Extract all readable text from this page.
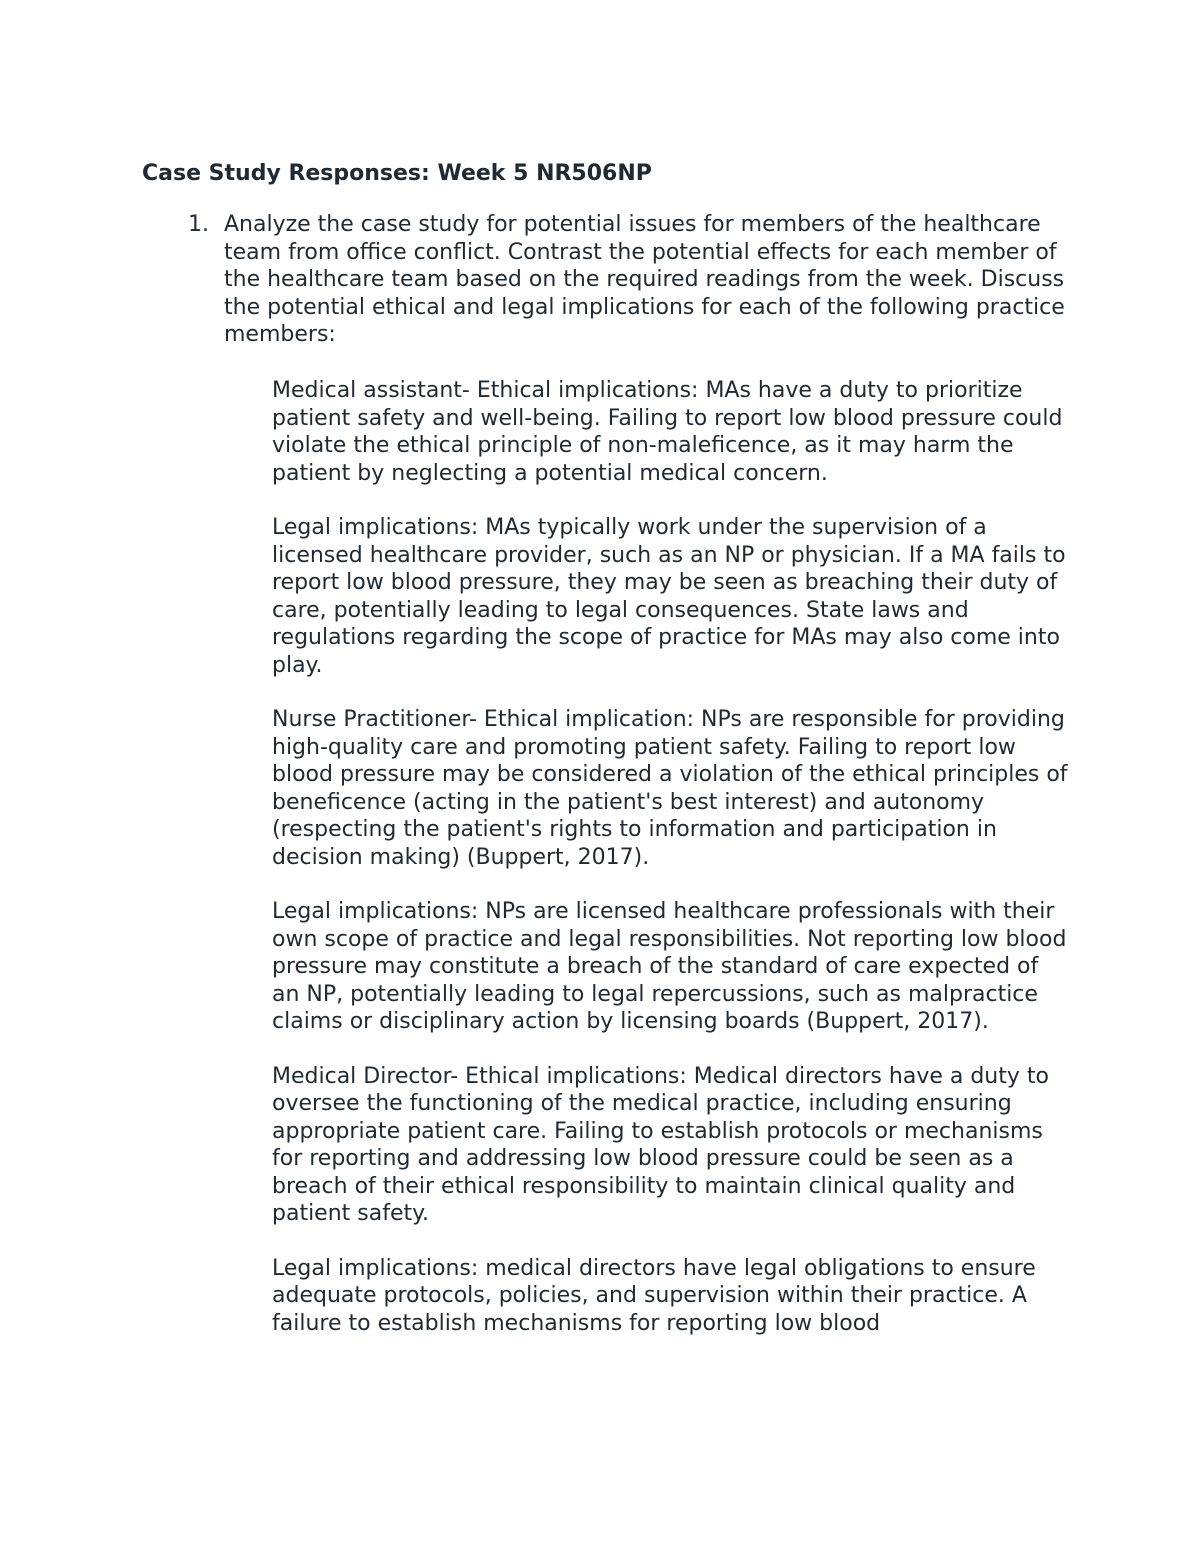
Case Study Responses: Week 5 NR506NP
1. Analyze the case study for potential issues for members of the healthcare team from office conflict. Contrast the potential effects for each member of the healthcare team based on the required readings from the week. Discuss the potential ethical and legal implications for each of the following practice members:

Medical assistant- Ethical implications: MAs have a duty to prioritize patient safety and well-being. Failing to report low blood pressure could violate the ethical principle of non-maleficence, as it may harm the patient by neglecting a potential medical concern.

Legal implications: MAs typically work under the supervision of a licensed healthcare provider, such as an NP or physician. If a MA fails to report low blood pressure, they may be seen as breaching their duty of care, potentially leading to legal consequences. State laws and regulations regarding the scope of practice for MAs may also come into play.

Nurse Practitioner- Ethical implication: NPs are responsible for providing high-quality care and promoting patient safety. Failing to report low blood pressure may be considered a violation of the ethical principles of beneficence (acting in the patient's best interest) and autonomy (respecting the patient's rights to information and participation in decision making) (Buppert, 2017).

Legal implications: NPs are licensed healthcare professionals with their own scope of practice and legal responsibilities. Not reporting low blood pressure may constitute a breach of the standard of care expected of an NP, potentially leading to legal repercussions, such as malpractice claims or disciplinary action by licensing boards (Buppert, 2017).

Medical Director- Ethical implications: Medical directors have a duty to oversee the functioning of the medical practice, including ensuring appropriate patient care. Failing to establish protocols or mechanisms for reporting and addressing low blood pressure could be seen as a breach of their ethical responsibility to maintain clinical quality and patient safety.

Legal implications: medical directors have legal obligations to ensure adequate protocols, policies, and supervision within their practice. A failure to establish mechanisms for reporting low blood
